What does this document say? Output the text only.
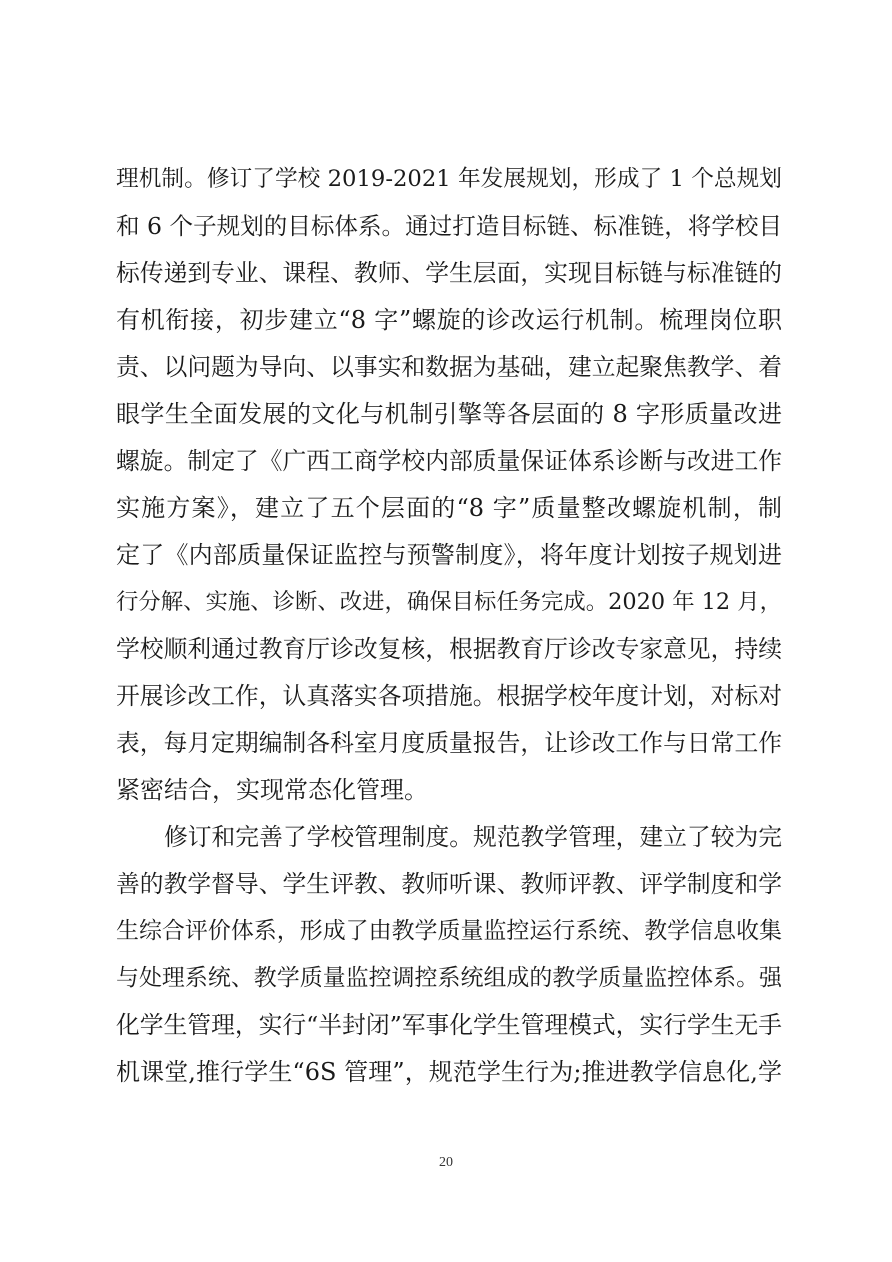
理机制。修订了学校 2019-2021 年发展规划，形成了 1 个总规划
和 6 个子规划的目标体系。通过打造目标链、标准链，将学校目
标传递到专业、课程、教师、学生层面，实现目标链与标准链的
有机衔接，初步建立“8 字”螺旋的诊改运行机制。梳理岗位职
责、以问题为导向、以事实和数据为基础，建立起聚焦教学、着
眼学生全面发展的文化与机制引擎等各层面的 8 字形质量改进
螺旋。制定了《广西工商学校内部质量保证体系诊断与改进工作
实施方案》，建立了五个层面的“8 字”质量整改螺旋机制，制
定了《内部质量保证监控与预警制度》，将年度计划按子规划进
行分解、实施、诊断、改进，确保目标任务完成。2020 年 12 月，
学校顺利通过教育厅诊改复核，根据教育厅诊改专家意见，持续
开展诊改工作，认真落实各项措施。根据学校年度计划，对标对
表，每月定期编制各科室月度质量报告，让诊改工作与日常工作
紧密结合，实现常态化管理。
修订和完善了学校管理制度。规范教学管理，建立了较为完
善的教学督导、学生评教、教师听课、教师评教、评学制度和学
生综合评价体系，形成了由教学质量监控运行系统、教学信息收集
与处理系统、教学质量监控调控系统组成的教学质量监控体系。强
化学生管理，实行“半封闭”军事化学生管理模式，实行学生无手
机课堂,推行学生“6S 管理”，规范学生行为;推进教学信息化,学
20
